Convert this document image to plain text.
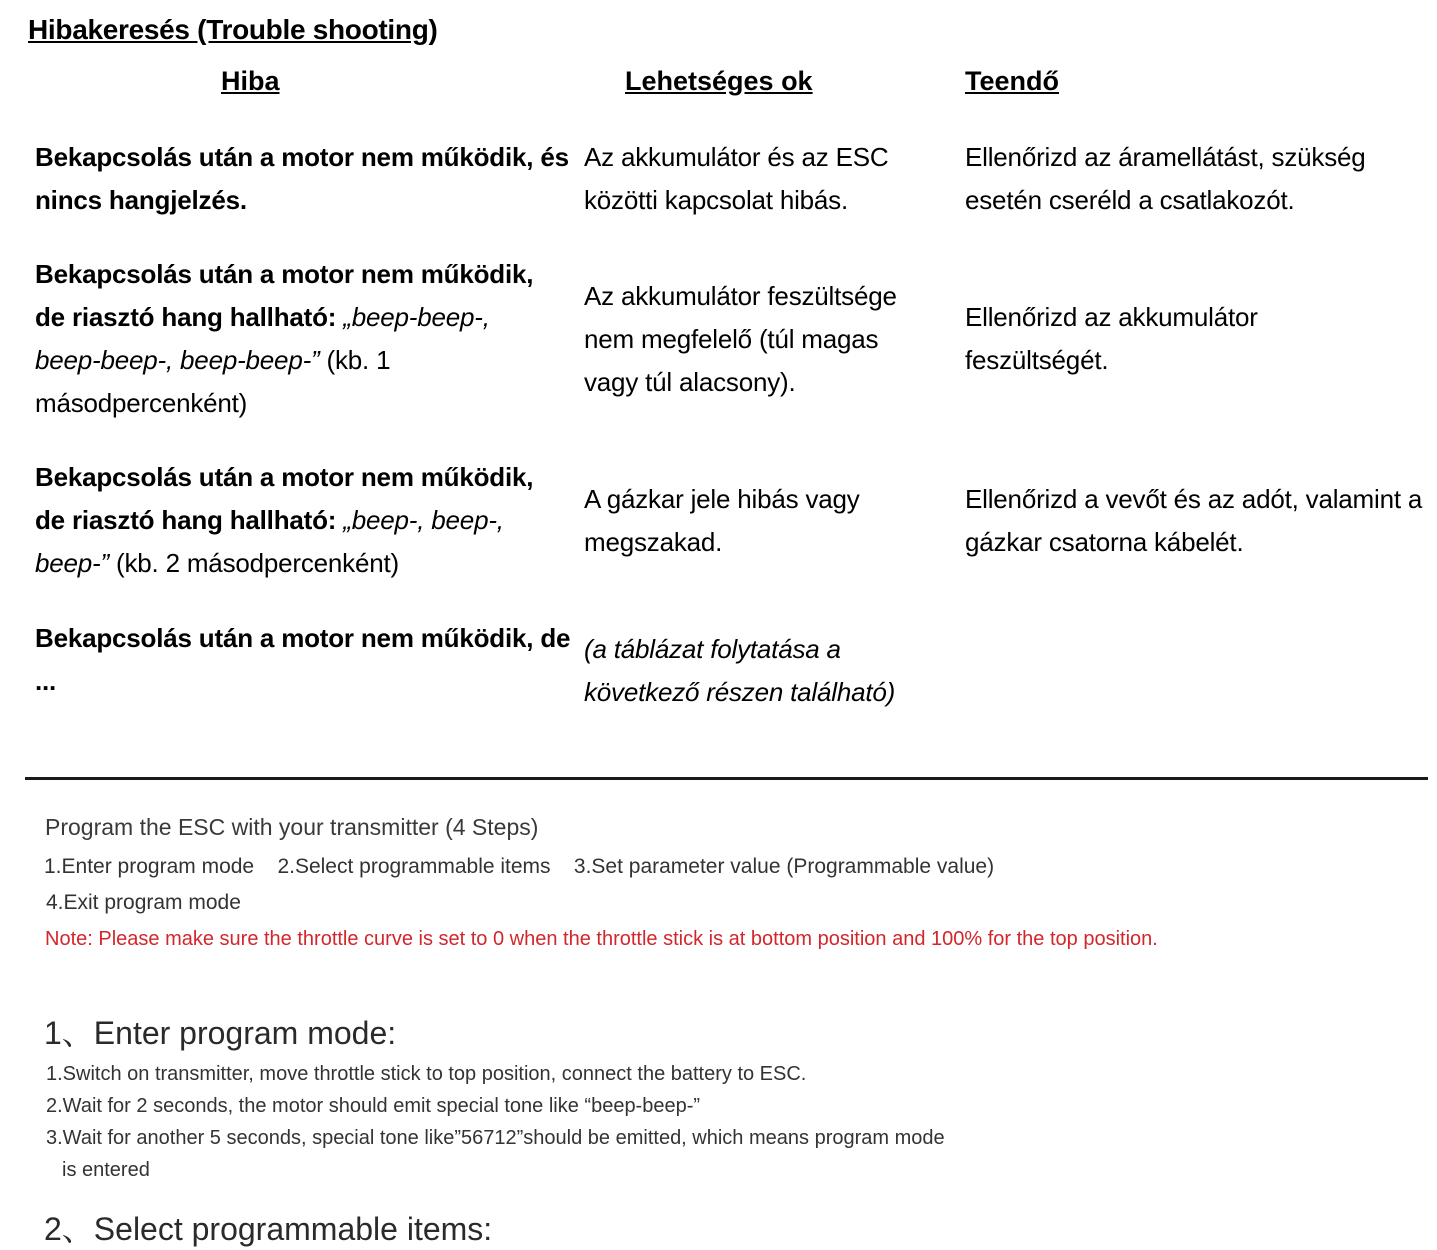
Hibakeresés (Trouble shooting)
Hiba	Lehetséges ok	Teendő
Bekapcsolás után a motor nem működik, és nincs hangjelzés.
Az akkumulátor és az ESC közötti kapcsolat hibás.
Ellenőrizd az áramellátást, szükség esetén cseréld a csatlakozót.
Bekapcsolás után a motor nem működik, de riasztó hang hallható: „beep-beep-, beep-beep-, beep-beep-” (kb. 1 másodpercenként)
Az akkumulátor feszültsége nem megfelelő (túl magas vagy túl alacsony).
Ellenőrizd az akkumulátor feszültségét.
Bekapcsolás után a motor nem működik, de riasztó hang hallható: „beep-, beep-, beep-” (kb. 2 másodpercenként)
A gázkar jele hibás vagy megszakad.
Ellenőrizd a vevőt és az adót, valamint a gázkar csatorna kábelét.
Bekapcsolás után a motor nem működik, de ...
(a táblázat folytatása a következő részen található)
Program the ESC with your transmitter (4 Steps)
1.Enter program mode    2.Select programmable items    3.Set parameter value (Programmable value)
4.Exit program mode
Note: Please make sure the throttle curve is set to 0 when the throttle stick is at bottom position and 100% for the top position.
1、Enter program mode:
1.Switch on transmitter, move throttle stick to top position, connect the battery to ESC.
2.Wait for 2 seconds, the motor should emit special tone like “beep-beep-”
3.Wait for another 5 seconds, special tone like”56712”should be emitted, which means program mode
is entered
2、Select programmable items:
